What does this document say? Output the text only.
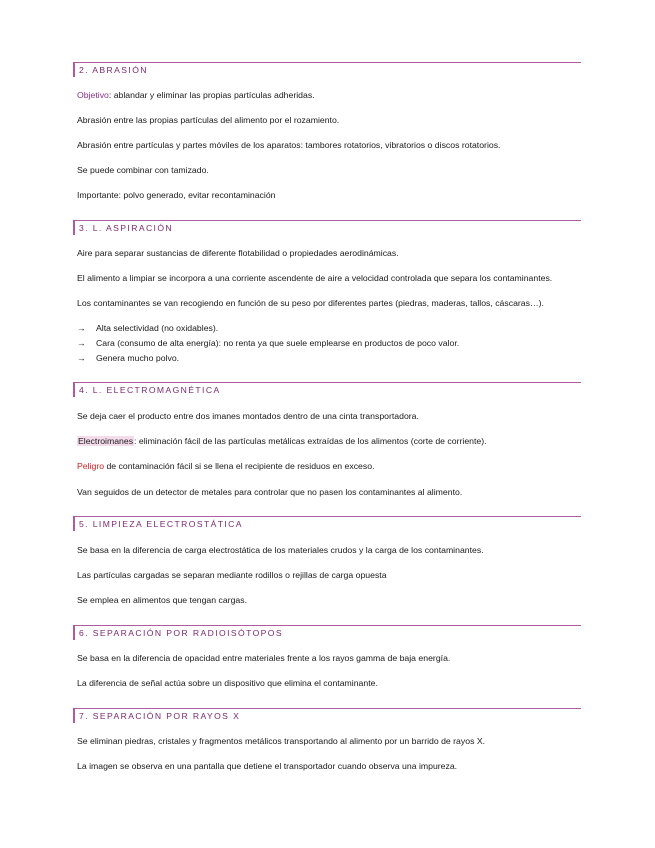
2. ABRASIÓN
Objetivo: ablandar y eliminar las propias partículas adheridas.
Abrasión entre las propias partículas del alimento por el rozamiento.
Abrasión entre partículas y partes móviles de los aparatos: tambores rotatorios, vibratorios o discos rotatorios.
Se puede combinar con tamizado.
Importante: polvo generado, evitar recontaminación
3. L. ASPIRACIÓN
Aire para separar sustancias de diferente flotabilidad o propiedades aerodinámicas.
El alimento a limpiar se incorpora a una corriente ascendente de aire a velocidad controlada que separa los contaminantes.
Los contaminantes se van recogiendo en función de su peso por diferentes partes (piedras, maderas, tallos, cáscaras…).
→ Alta selectividad (no oxidables).
→ Cara (consumo de alta energía): no renta ya que suele emplearse en productos de poco valor.
→ Genera mucho polvo.
4. L. ELECTROMAGNÉTICA
Se deja caer el producto entre dos imanes montados dentro de una cinta transportadora.
Electroimanes: eliminación fácil de las partículas metálicas extraídas de los alimentos (corte de corriente).
Peligro de contaminación fácil si se llena el recipiente de residuos en exceso.
Van seguidos de un detector de metales para controlar que no pasen los contaminantes al alimento.
5. LIMPIEZA ELECTROSTÁTICA
Se basa en la diferencia de carga electrostática de los materiales crudos y la carga de los contaminantes.
Las partículas cargadas se separan mediante rodillos o rejillas de carga opuesta
Se emplea en alimentos que tengan cargas.
6. SEPARACIÓN POR RADIOISÓTOPOS
Se basa en la diferencia de opacidad entre materiales frente a los rayos gamma de baja energía.
La diferencia de señal actúa sobre un dispositivo que elimina el contaminante.
7. SEPARACIÓN POR RAYOS X
Se eliminan piedras, cristales y fragmentos metálicos transportando al alimento por un barrido de rayos X.
La imagen se observa en una pantalla que detiene el transportador cuando observa una impureza.
